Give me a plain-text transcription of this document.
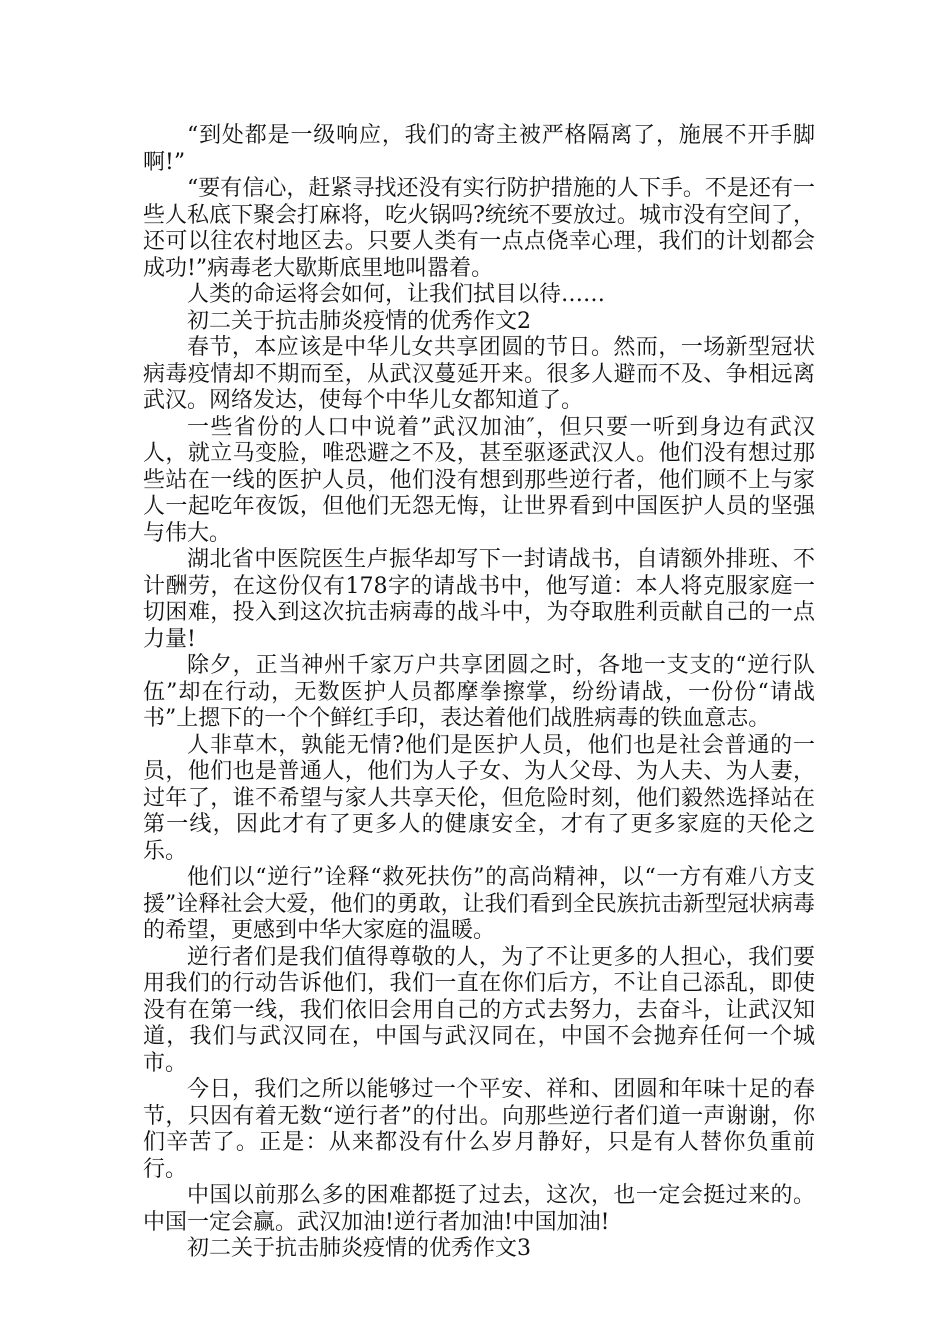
“到处都是一级响应，我们的寄主被严格隔离了，施展不开手脚啊!”

“要有信心，赶紧寻找还没有实行防护措施的人下手。不是还有一些人私底下聚会打麻将，吃火锅吗?统统不要放过。城市没有空间了，还可以往农村地区去。只要人类有一点点侥幸心理，我们的计划都会成功!”病毒老大歇斯底里地叫嚣着。

人类的命运将会如何，让我们拭目以待……

初二关于抗击肺炎疫情的优秀作文2

春节，本应该是中华儿女共享团圆的节日。然而，一场新型冠状病毒疫情却不期而至，从武汉蔓延开来。很多人避而不及、争相远离武汉。网络发达，使每个中华儿女都知道了。

一些省份的人口中说着”武汉加油″，但只要一听到身边有武汉人，就立马变脸，唯恐避之不及，甚至驱逐武汉人。他们没有想过那些站在一线的医护人员，他们没有想到那些逆行者，他们顾不上与家人一起吃年夜饭，但他们无怨无悔，让世界看到中国医护人员的坚强与伟大。

湖北省中医院医生卢振华却写下一封请战书，自请额外排班、不计酬劳，在这份仅有178字的请战书中，他写道：本人将克服家庭一切困难，投入到这次抗击病毒的战斗中，为夺取胜利贡献自己的一点力量!

除夕，正当神州千家万户共享团圆之时，各地一支支的“逆行队伍”却在行动，无数医护人员都摩拳擦掌，纷纷请战，一份份“请战书”上摁下的一个个鲜红手印，表达着他们战胜病毒的铁血意志。

人非草木，孰能无情?他们是医护人员，他们也是社会普通的一员，他们也是普通人，他们为人子女、为人父母、为人夫、为人妻，过年了，谁不希望与家人共享天伦，但危险时刻，他们毅然选择站在第一线，因此才有了更多人的健康安全，才有了更多家庭的天伦之乐。

他们以“逆行”诠释“救死扶伤”的高尚精神，以“一方有难八方支援”诠释社会大爱，他们的勇敢，让我们看到全民族抗击新型冠状病毒的希望，更感到中华大家庭的温暖。

逆行者们是我们值得尊敬的人，为了不让更多的人担心，我们要用我们的行动告诉他们，我们一直在你们后方，不让自己添乱，即使没有在第一线，我们依旧会用自己的方式去努力，去奋斗，让武汉知道，我们与武汉同在，中国与武汉同在，中国不会抛弃任何一个城市。

今日，我们之所以能够过一个平安、祥和、团圆和年味十足的春节，只因有着无数“逆行者”的付出。向那些逆行者们道一声谢谢，你们辛苦了。正是：从来都没有什么岁月静好，只是有人替你负重前行。

中国以前那么多的困难都挺了过去，这次，也一定会挺过来的。中国一定会赢。武汉加油!逆行者加油!中国加油!

初二关于抗击肺炎疫情的优秀作文3
